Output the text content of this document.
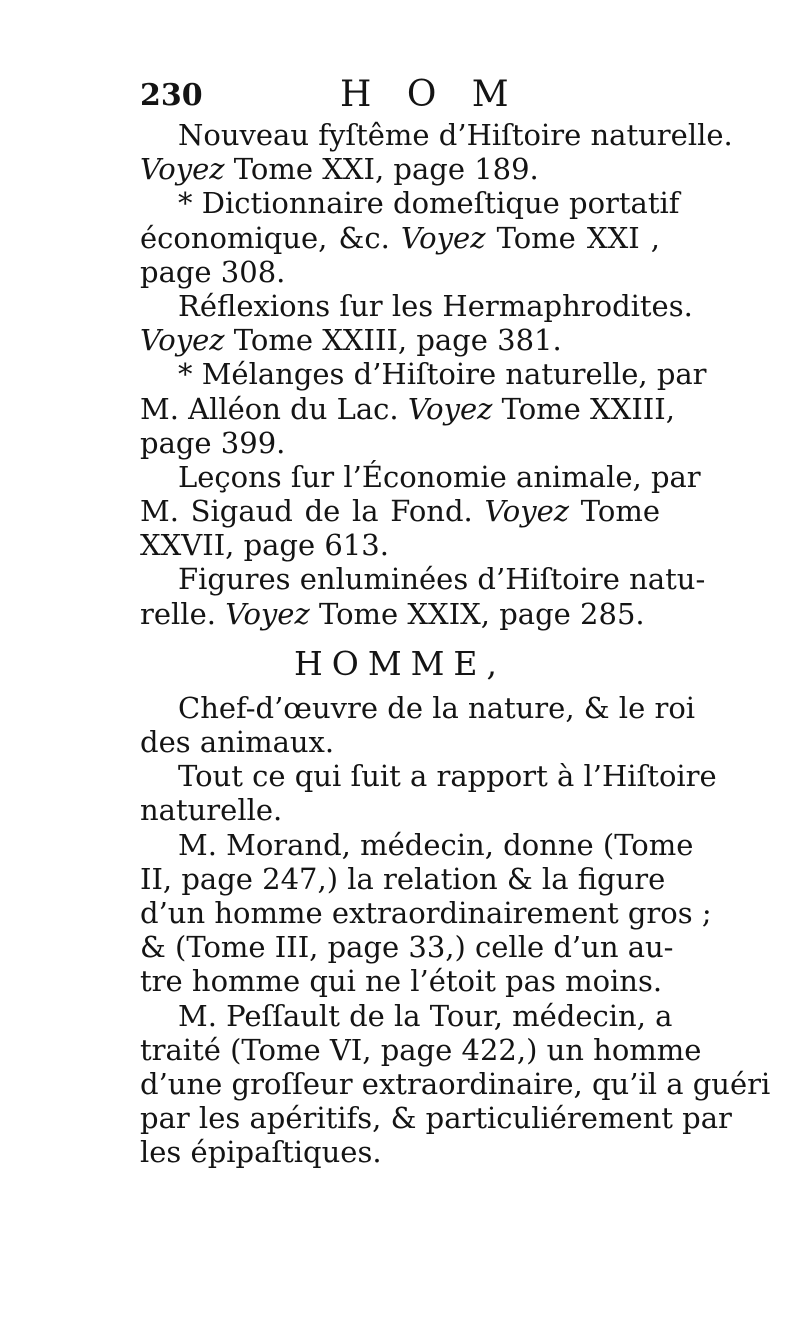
230	H O M
Nouveau fyſtême d’Hiſtoire naturelle.
Voyez Tome XXI, page 189.
* Dictionnaire domeſtique portatif
économique, &c. Voyez Tome XXI ,
page 308.
Réflexions ſur les Hermaphrodites.
Voyez Tome XXIII, page 381.
* Mélanges d’Hiſtoire naturelle, par
M. Alléon du Lac. Voyez Tome XXIII,
page 399.
Leçons ſur l’Économie animale, par
M. Sigaud de la Fond. Voyez Tome
XXVII, page 613.
Figures enluminées d’Hiſtoire natu-
relle. Voyez Tome XXIX, page 285.
HOMME,
Chef-d’œuvre de la nature, & le roi
des animaux.
Tout ce qui ſuit a rapport à l’Hiſtoire
naturelle.
M. Morand, médecin, donne (Tome
II, page 247,) la relation & la figure
d’un homme extraordinairement gros ;
& (Tome III, page 33,) celle d’un au-
tre homme qui ne l’étoit pas moins.
M. Peſſault de la Tour, médecin, a
traité (Tome VI, page 422,) un homme
d’une groſſeur extraordinaire, qu’il a guéri
par les apéritifs, & particuliérement par
les épipaſtiques.
